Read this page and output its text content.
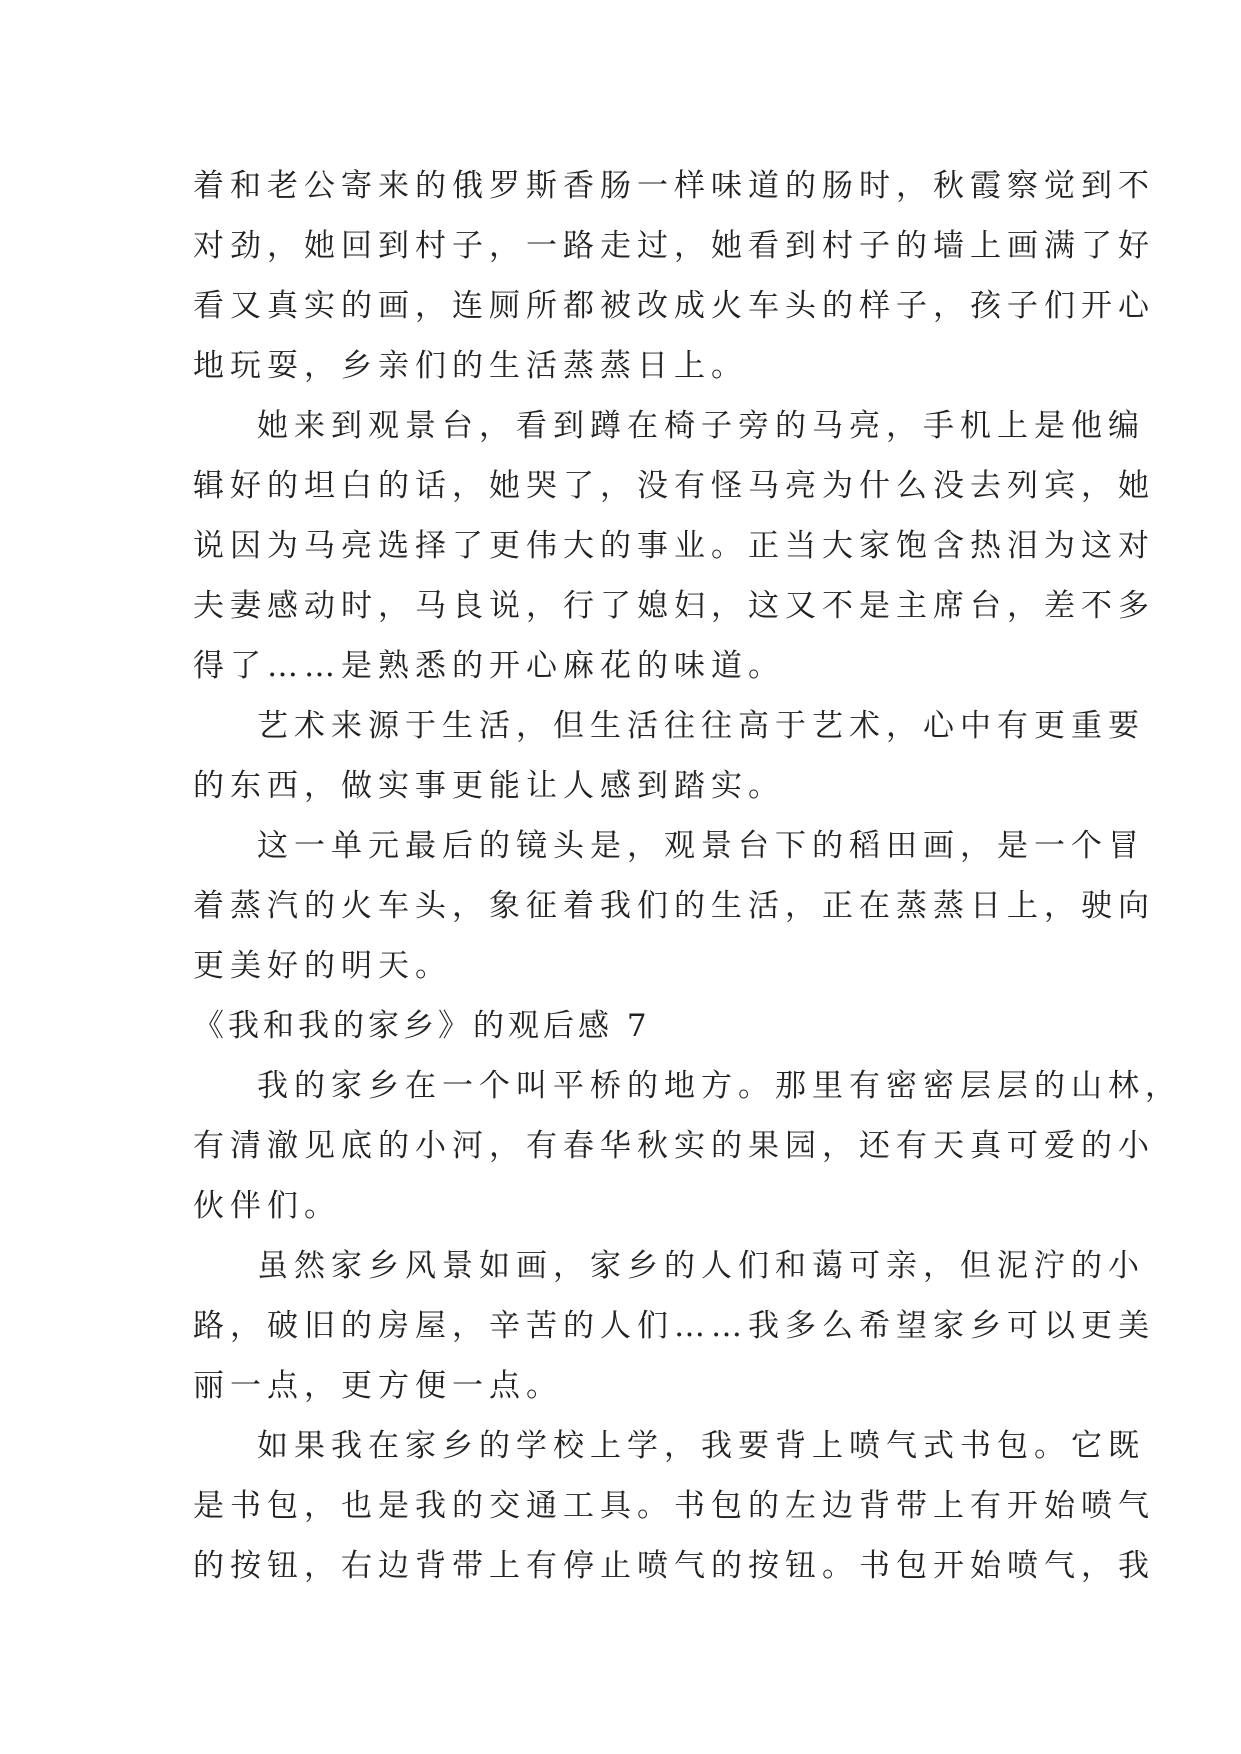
着和老公寄来的俄罗斯香肠一样味道的肠时，秋霞察觉到不
对劲，她回到村子，一路走过，她看到村子的墙上画满了好
看又真实的画，连厕所都被改成火车头的样子，孩子们开心
地玩耍，乡亲们的生活蒸蒸日上。
她来到观景台，看到蹲在椅子旁的马亮，手机上是他编
辑好的坦白的话，她哭了，没有怪马亮为什么没去列宾，她
说因为马亮选择了更伟大的事业。正当大家饱含热泪为这对
夫妻感动时，马良说，行了媳妇，这又不是主席台，差不多
得了……是熟悉的开心麻花的味道。
艺术来源于生活，但生活往往高于艺术，心中有更重要
的东西，做实事更能让人感到踏实。
这一单元最后的镜头是，观景台下的稻田画，是一个冒
着蒸汽的火车头，象征着我们的生活，正在蒸蒸日上，驶向
更美好的明天。
《我和我的家乡》的观后感 7
我的家乡在一个叫平桥的地方。那里有密密层层的山林，
有清澈见底的小河，有春华秋实的果园，还有天真可爱的小
伙伴们。
虽然家乡风景如画，家乡的人们和蔼可亲，但泥泞的小
路，破旧的房屋，辛苦的人们……我多么希望家乡可以更美
丽一点，更方便一点。
如果我在家乡的学校上学，我要背上喷气式书包。它既
是书包，也是我的交通工具。书包的左边背带上有开始喷气
的按钮，右边背带上有停止喷气的按钮。书包开始喷气，我
